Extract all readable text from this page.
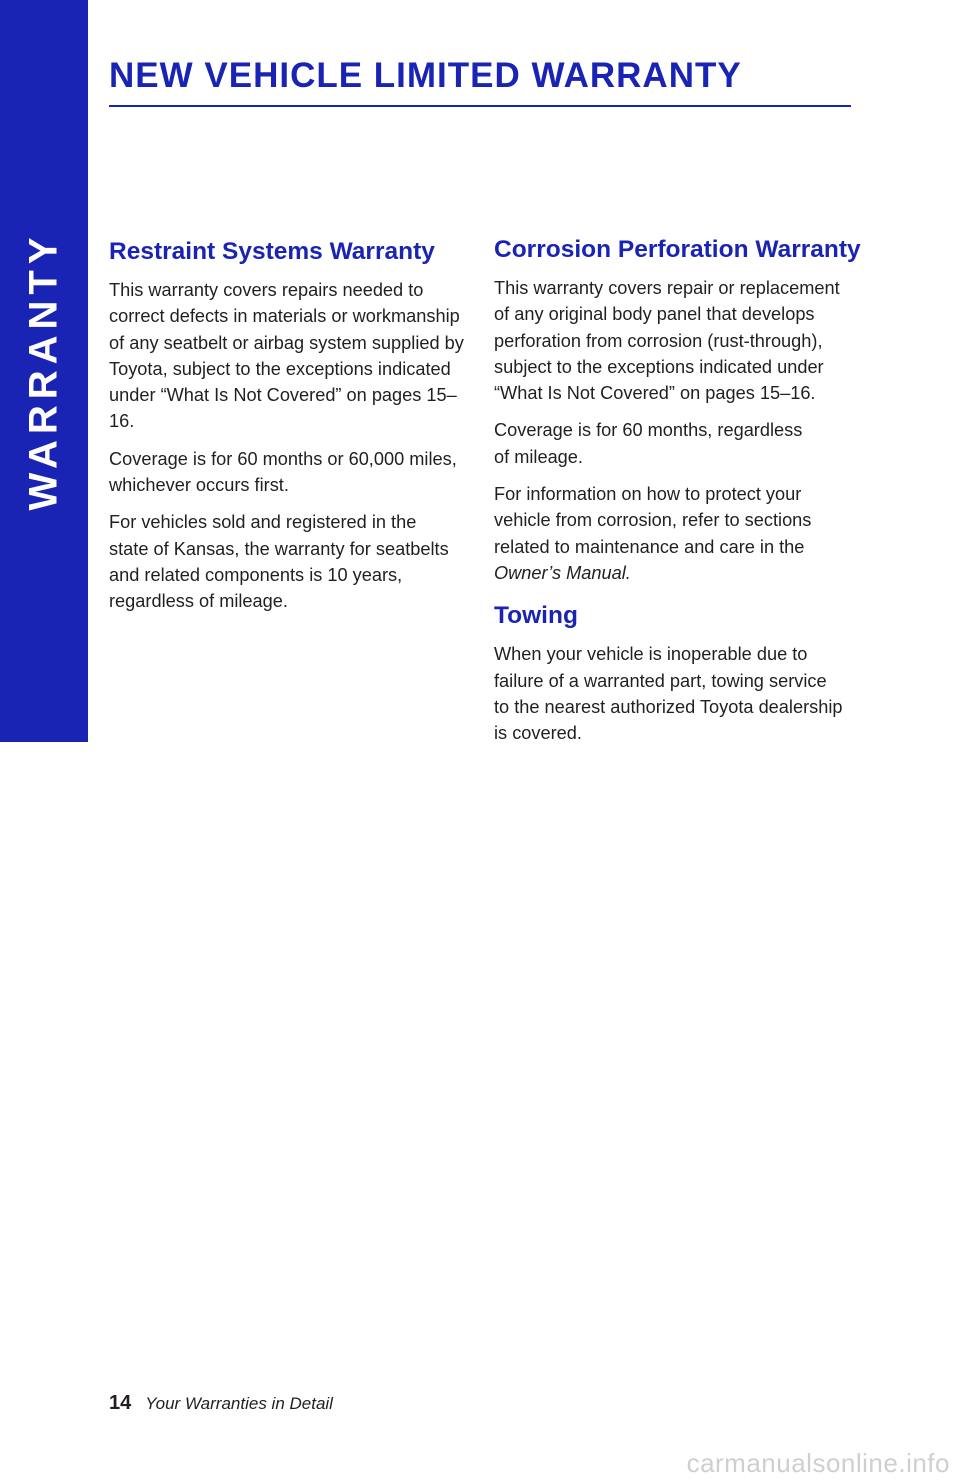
WARRANTY
NEW VEHICLE LIMITED WARRANTY
Restraint Systems Warranty

This warranty covers repairs needed to
correct defects in materials or workmanship
of any seatbelt or airbag system supplied by
Toyota, subject to the exceptions indicated
under “What Is Not Covered” on pages 15–16.

Coverage is for 60 months or 60,000 miles,
whichever occurs first.

For vehicles sold and registered in the
state of Kansas, the warranty for seatbelts
and related components is 10 years,
regardless of mileage.

Corrosion Perforation Warranty

This warranty covers repair or replacement
of any original body panel that develops
perforation from corrosion (rust-through),
subject to the exceptions indicated under
“What Is Not Covered” on pages 15–16.

Coverage is for 60 months, regardless
of mileage.

For information on how to protect your
vehicle from corrosion, refer to sections
related to maintenance and care in the
Owner’s Manual.

Towing

When your vehicle is inoperable due to
failure of a warranted part, towing service
to the nearest authorized Toyota dealership
is covered.

14 Your Warranties in Detail
carmanualsonline.info
